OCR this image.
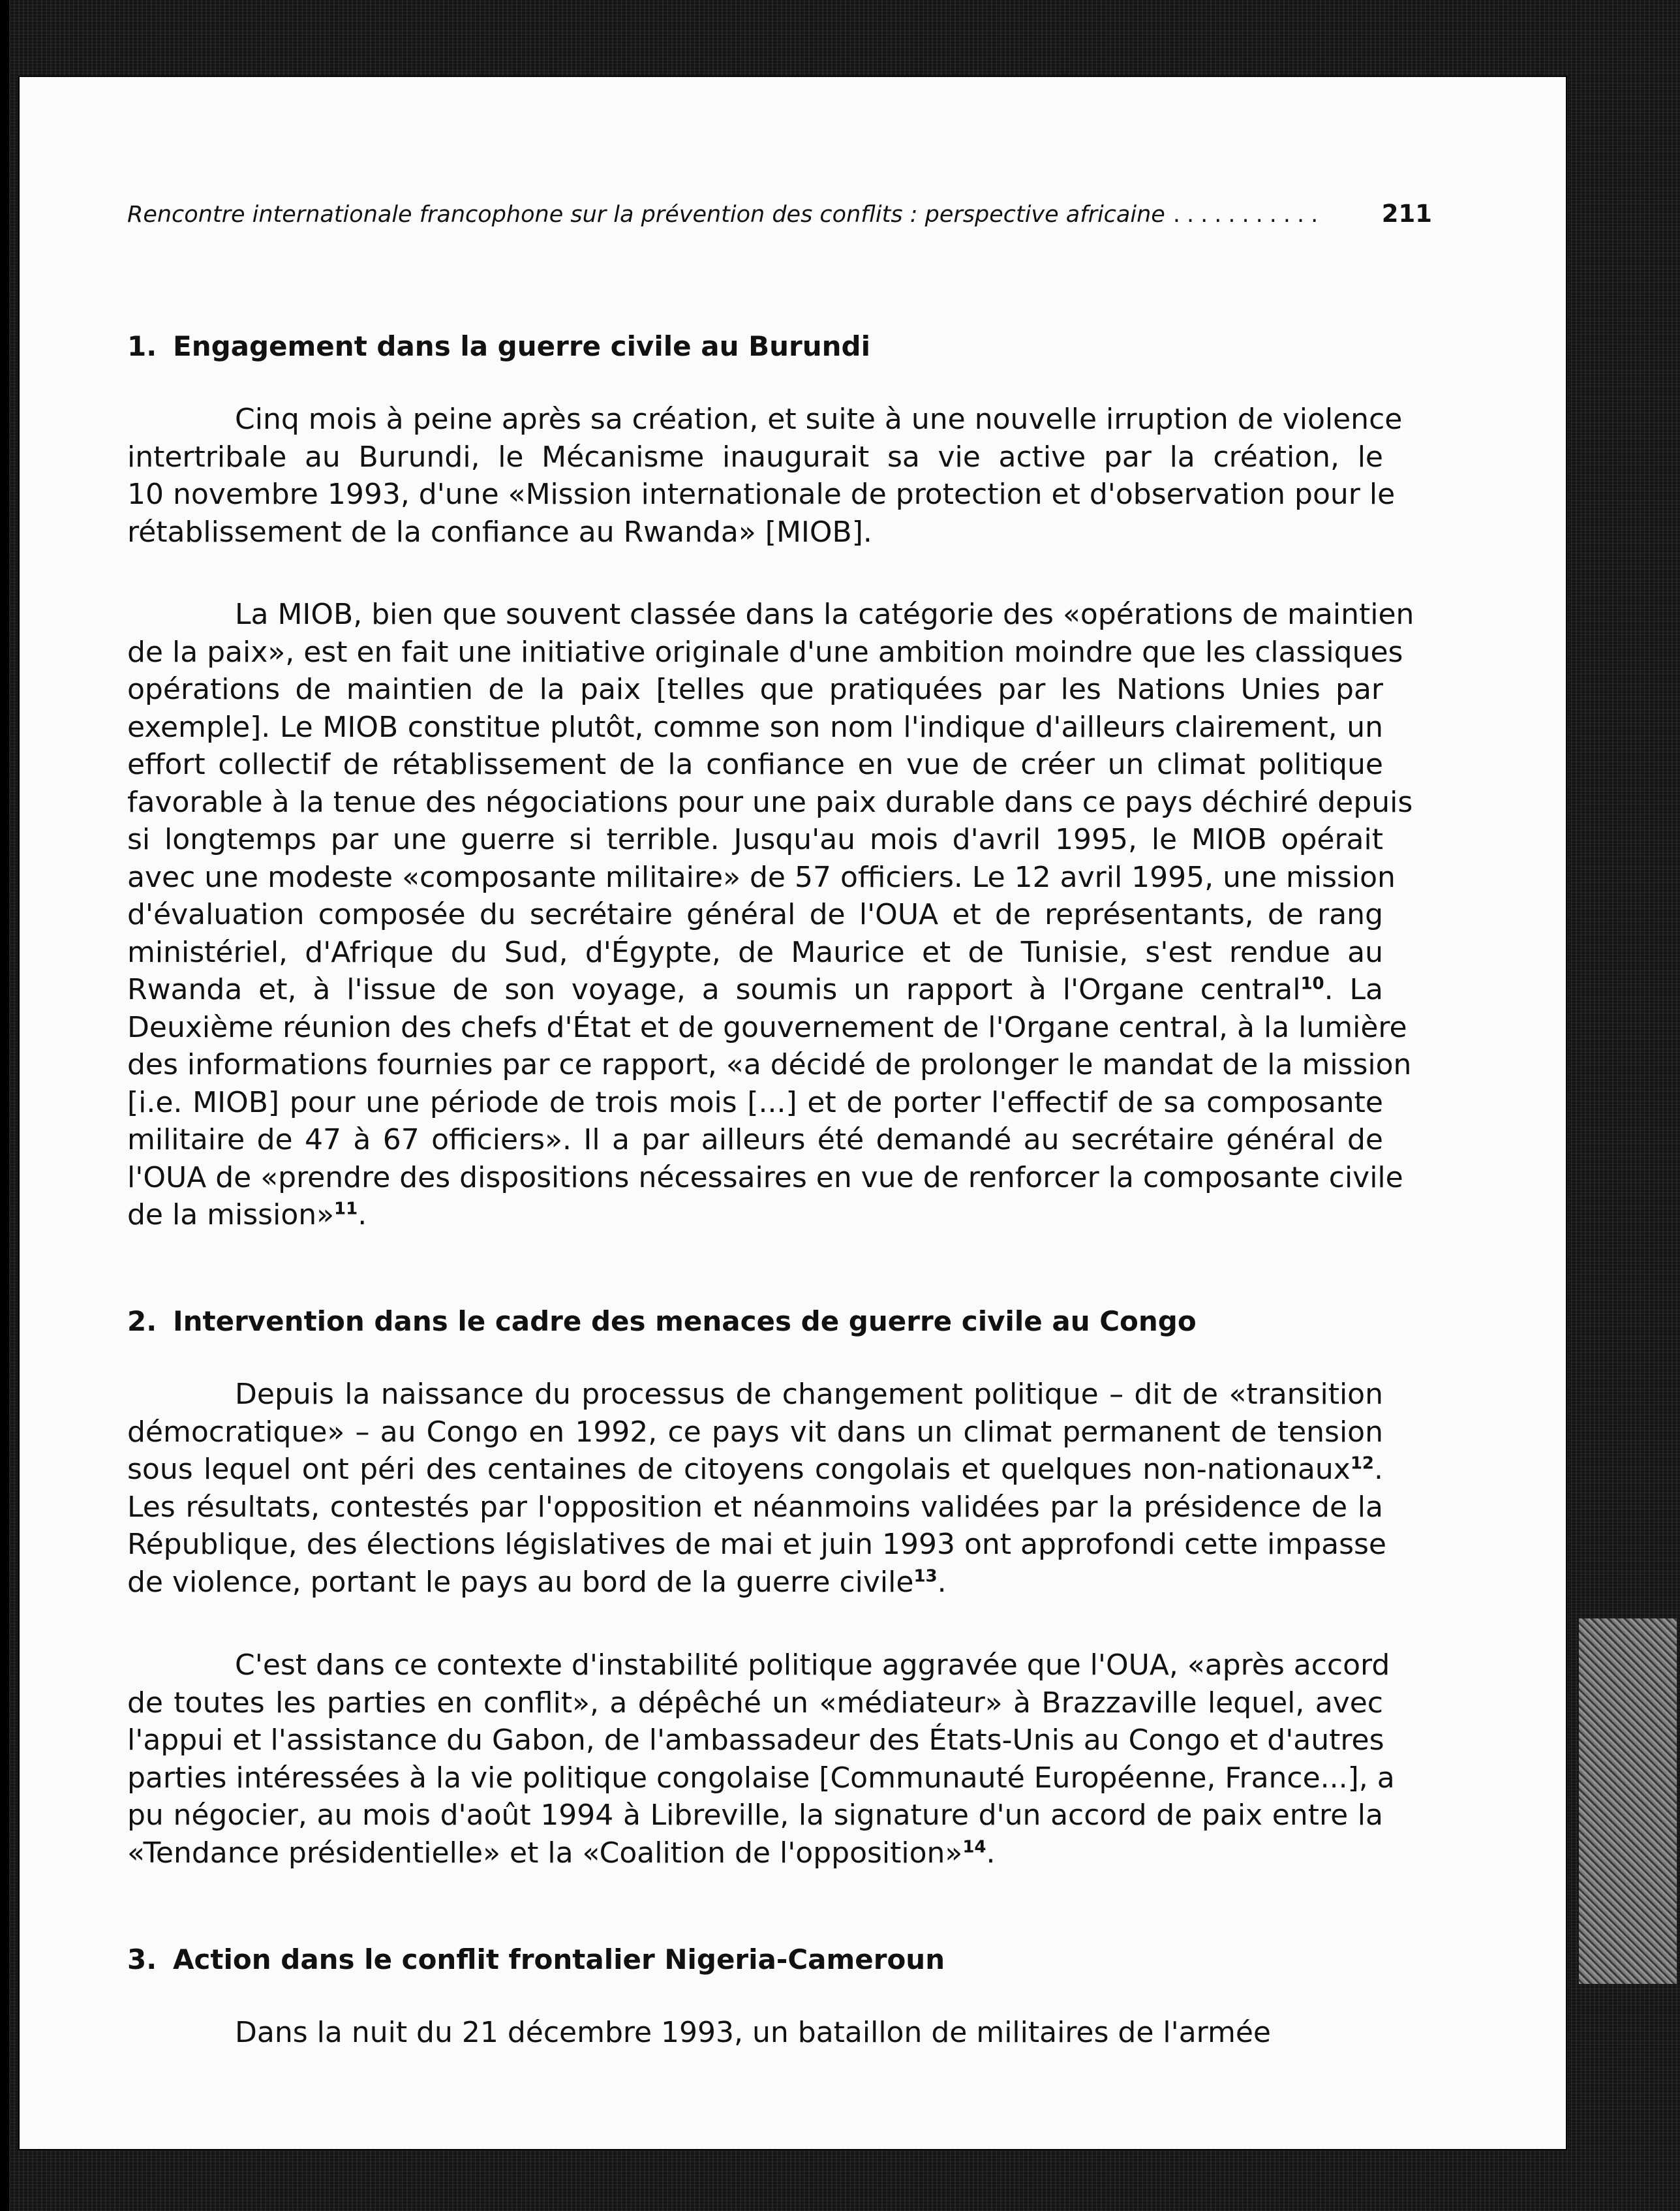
Rencontre internationale francophone sur la prévention des conflits : perspective africaine ...........	211
1. Engagement dans la guerre civile au Burundi
Cinq mois à peine après sa création, et suite à une nouvelle irruption de violence
intertribale au Burundi, le Mécanisme inaugurait sa vie active par la création, le
10 novembre 1993, d'une «Mission internationale de protection et d'observation pour le
rétablissement de la confiance au Rwanda» [MIOB].
La MIOB, bien que souvent classée dans la catégorie des «opérations de maintien
de la paix», est en fait une initiative originale d'une ambition moindre que les classiques
opérations de maintien de la paix [telles que pratiquées par les Nations Unies par
exemple]. Le MIOB constitue plutôt, comme son nom l'indique d'ailleurs clairement, un
effort collectif de rétablissement de la confiance en vue de créer un climat politique
favorable à la tenue des négociations pour une paix durable dans ce pays déchiré depuis
si longtemps par une guerre si terrible. Jusqu'au mois d'avril 1995, le MIOB opérait
avec une modeste «composante militaire» de 57 officiers. Le 12 avril 1995, une mission
d'évaluation composée du secrétaire général de l'OUA et de représentants, de rang
ministériel, d'Afrique du Sud, d'Égypte, de Maurice et de Tunisie, s'est rendue au
Rwanda et, à l'issue de son voyage, a soumis un rapport à l'Organe central$^{10}$. La
Deuxième réunion des chefs d'État et de gouvernement de l'Organe central, à la lumière
des informations fournies par ce rapport, «a décidé de prolonger le mandat de la mission
[i.e. MIOB] pour une période de trois mois [...] et de porter l'effectif de sa composante
militaire de 47 à 67 officiers». Il a par ailleurs été demandé au secrétaire général de
l'OUA de «prendre des dispositions nécessaires en vue de renforcer la composante civile
de la mission»$^{11}$.
2. Intervention dans le cadre des menaces de guerre civile au Congo
Depuis la naissance du processus de changement politique – dit de «transition
démocratique» – au Congo en 1992, ce pays vit dans un climat permanent de tension
sous lequel ont péri des centaines de citoyens congolais et quelques non-nationaux$^{12}$.
Les résultats, contestés par l'opposition et néanmoins validées par la présidence de la
République, des élections législatives de mai et juin 1993 ont approfondi cette impasse
de violence, portant le pays au bord de la guerre civile$^{13}$.
C'est dans ce contexte d'instabilité politique aggravée que l'OUA, «après accord
de toutes les parties en conflit», a dépêché un «médiateur» à Brazzaville lequel, avec
l'appui et l'assistance du Gabon, de l'ambassadeur des États-Unis au Congo et d'autres
parties intéressées à la vie politique congolaise [Communauté Européenne, France...], a
pu négocier, au mois d'août 1994 à Libreville, la signature d'un accord de paix entre la
«Tendance présidentielle» et la «Coalition de l'opposition»$^{14}$.
3. Action dans le conflit frontalier Nigeria-Cameroun
Dans la nuit du 21 décembre 1993, un bataillon de militaires de l'armée
